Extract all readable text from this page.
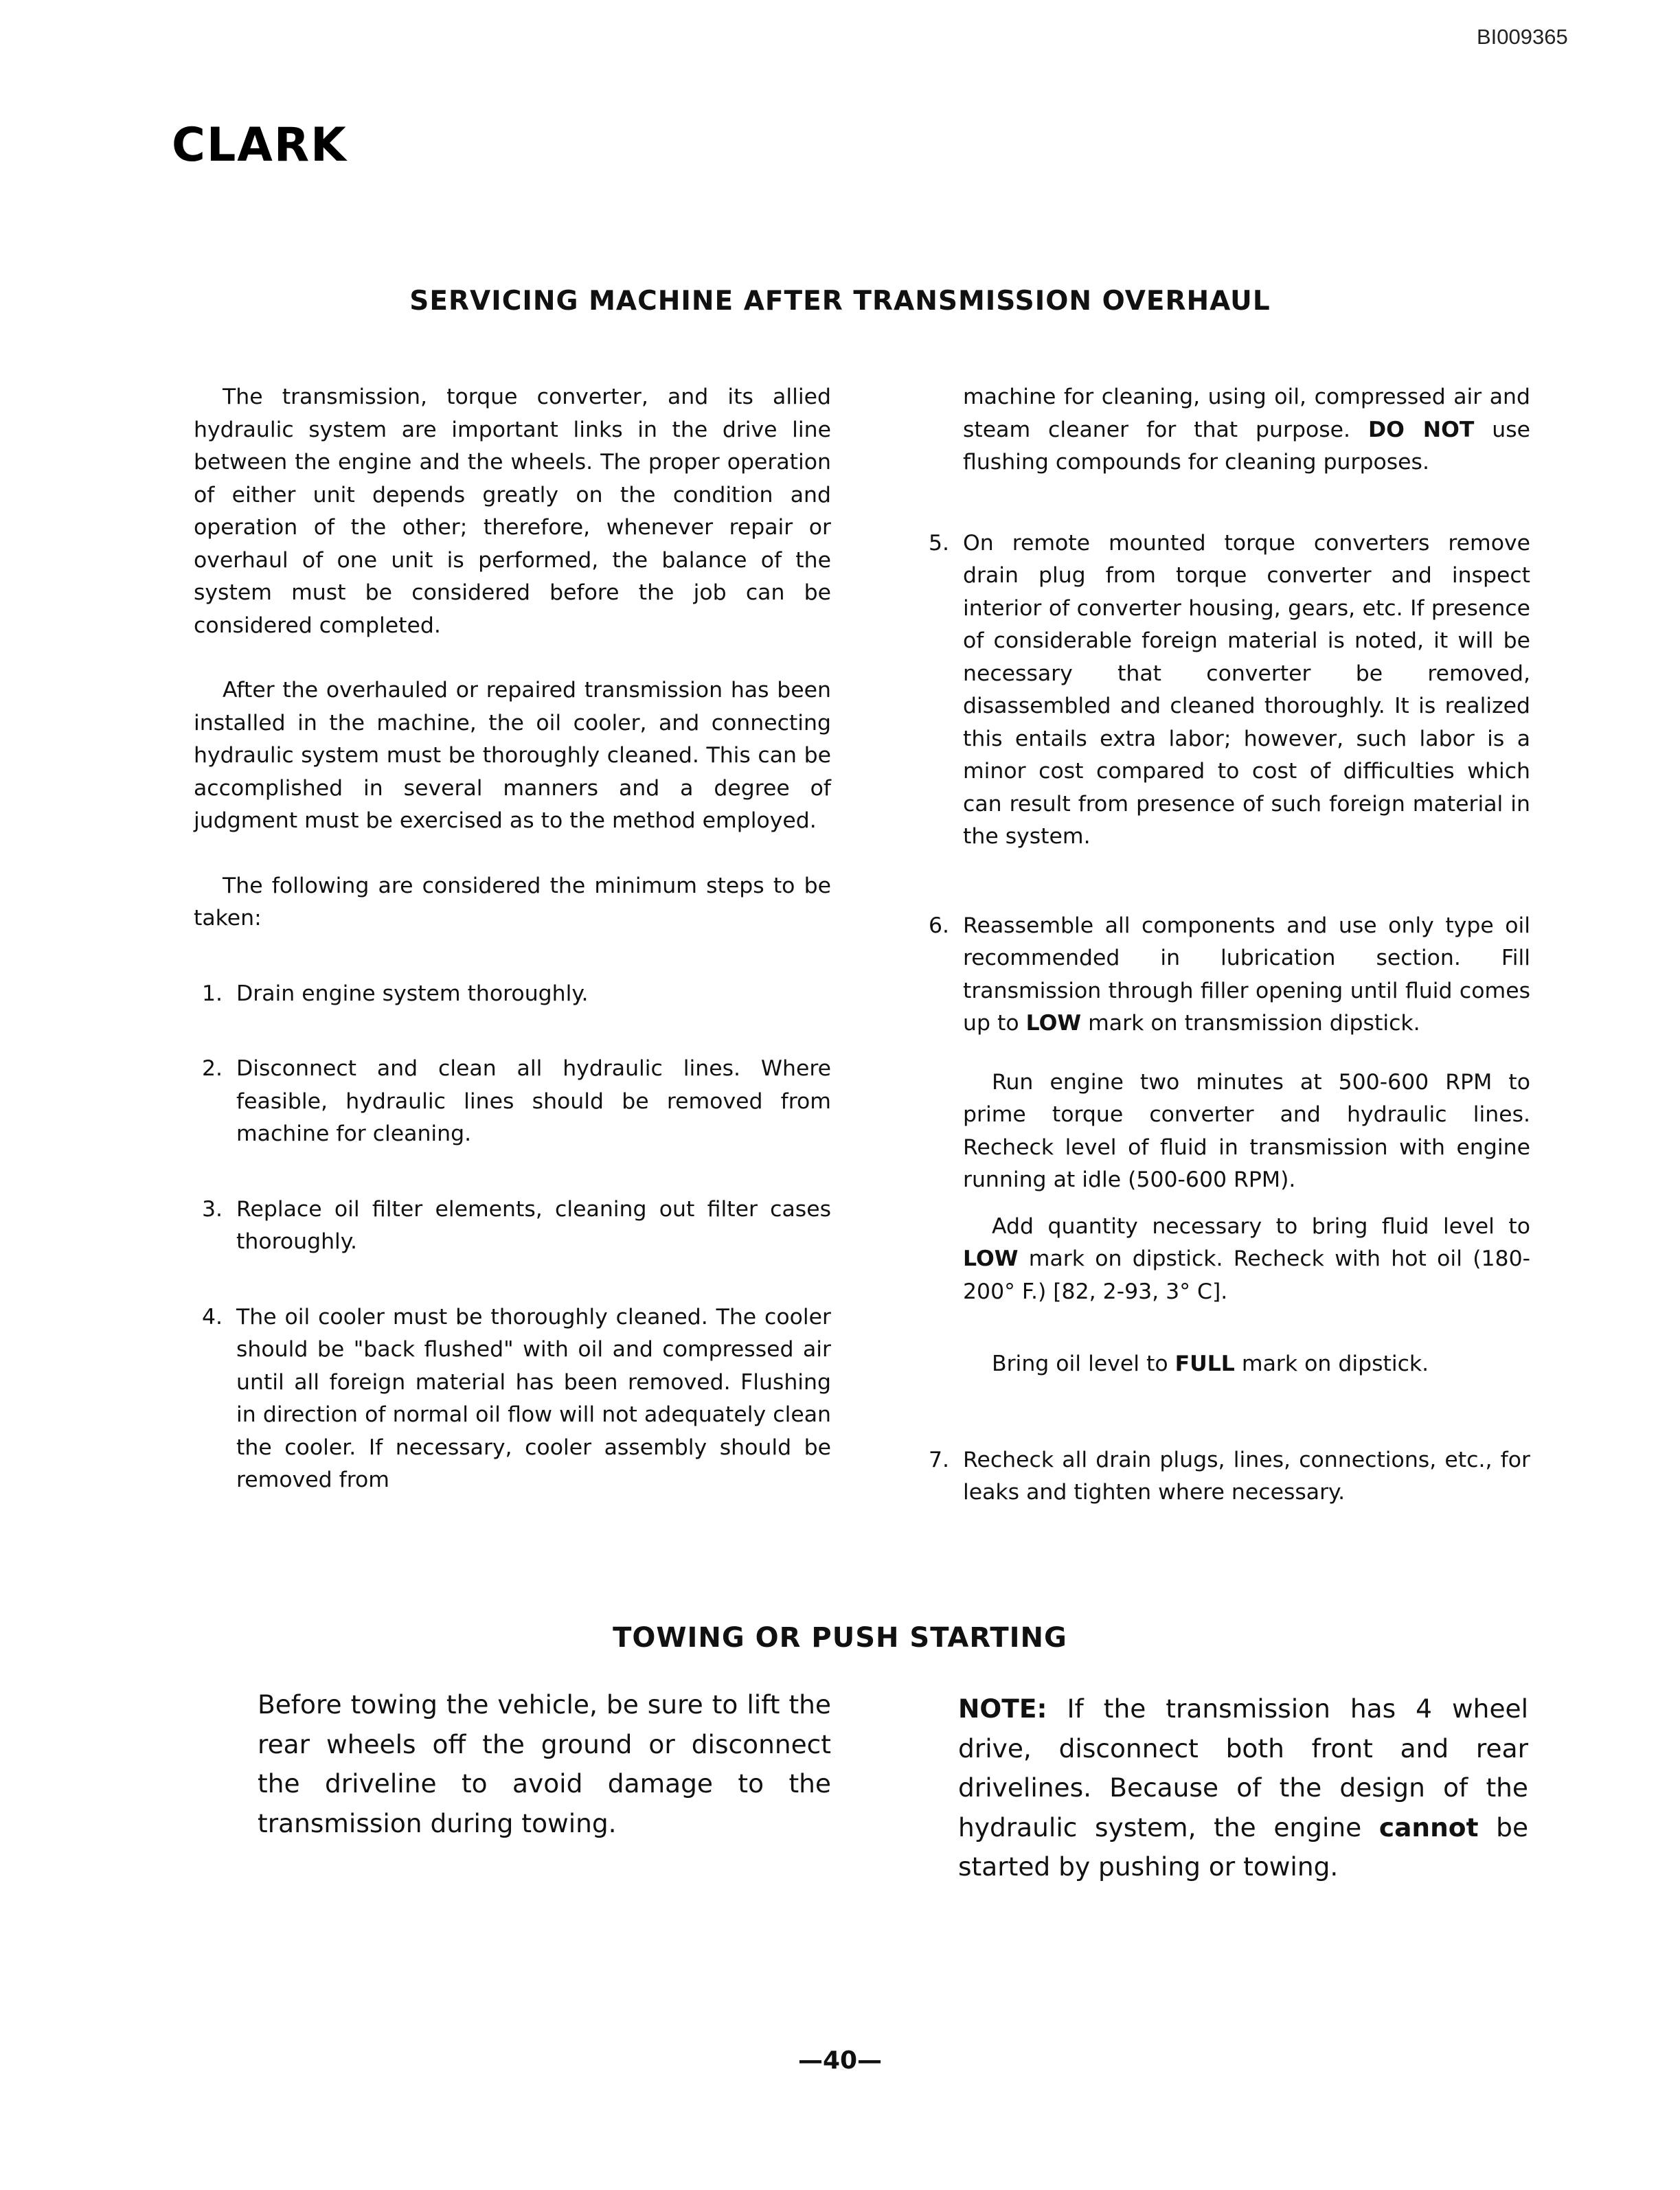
BI009365
CLARK
SERVICING MACHINE AFTER TRANSMISSION OVERHAUL

The transmission, torque converter, and its allied hydraulic system are important links in the drive line between the engine and the wheels. The proper operation of either unit depends greatly on the condition and operation of the other; therefore, whenever repair or overhaul of one unit is performed, the balance of the system must be considered before the job can be considered completed.

After the overhauled or repaired transmission has been installed in the machine, the oil cooler, and connecting hydraulic system must be thoroughly cleaned. This can be accomplished in several manners and a degree of judgment must be exercised as to the method employed.

The following are considered the minimum steps to be taken:

1. Drain engine system thoroughly.
2. Disconnect and clean all hydraulic lines. Where feasible, hydraulic lines should be removed from machine for cleaning.
3. Replace oil filter elements, cleaning out filter cases thoroughly.
4. The oil cooler must be thoroughly cleaned. The cooler should be "back flushed" with oil and compressed air until all foreign material has been removed. Flushing in direction of normal oil flow will not adequately clean the cooler. If necessary, cooler assembly should be removed from

machine for cleaning, using oil, compressed air and steam cleaner for that purpose. DO NOT use flushing compounds for cleaning purposes.

5. On remote mounted torque converters remove drain plug from torque converter and inspect interior of converter housing, gears, etc. If presence of considerable foreign material is noted, it will be necessary that converter be removed, disassembled and cleaned thoroughly. It is realized this entails extra labor; however, such labor is a minor cost compared to cost of difficulties which can result from presence of such foreign material in the system.
6. Reassemble all components and use only type oil recommended in lubrication section. Fill transmission through filler opening until fluid comes up to LOW mark on transmission dipstick.

Run engine two minutes at 500-600 RPM to prime torque converter and hydraulic lines. Recheck level of fluid in transmission with engine running at idle (500-600 RPM).

Add quantity necessary to bring fluid level to LOW mark on dipstick. Recheck with hot oil (180-200° F.) [82, 2-93, 3° C].

Bring oil level to FULL mark on dipstick.

7. Recheck all drain plugs, lines, connections, etc., for leaks and tighten where necessary.
TOWING OR PUSH STARTING

Before towing the vehicle, be sure to lift the rear wheels off the ground or disconnect the driveline to avoid damage to the transmission during towing.

NOTE: If the transmission has 4 wheel drive, disconnect both front and rear drivelines. Because of the design of the hydraulic system, the engine cannot be started by pushing or towing.

—40—
